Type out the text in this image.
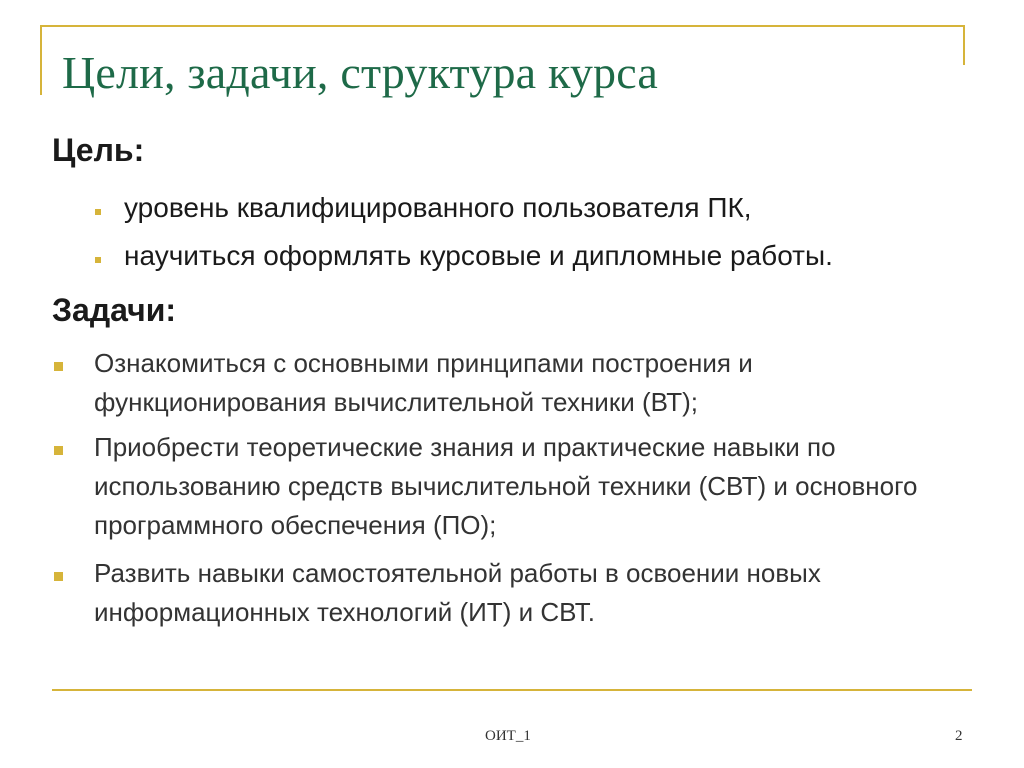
Цели, задачи, структура курса
Цель:
уровень квалифицированного пользователя ПК,
научиться оформлять курсовые и дипломные работы.
Задачи:
Ознакомиться с основными принципами построения и функционирования вычислительной техники (ВТ);
Приобрести теоретические знания и практические навыки по использованию средств вычислительной техники (СВТ) и основного программного обеспечения (ПО);
Развить навыки самостоятельной работы в освоении новых информационных технологий (ИТ) и СВТ.
ОИТ_1	2
